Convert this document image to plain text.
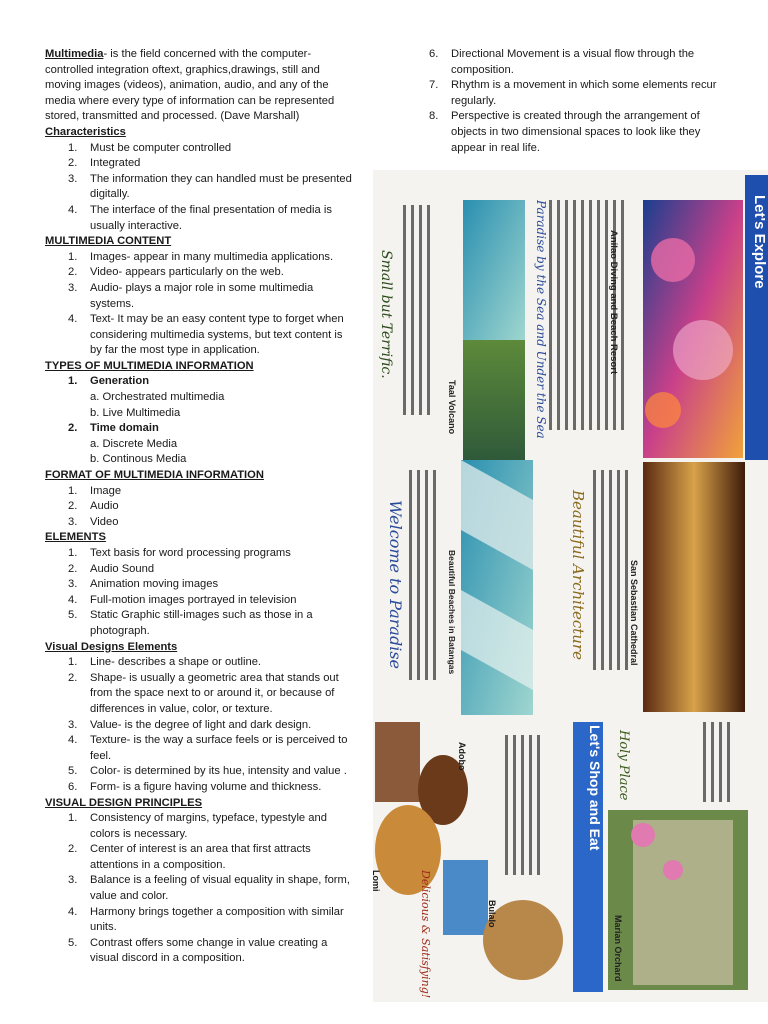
Multimedia- is the field concerned with the computer-controlled integration oftext, graphics,drawings, still and moving images (videos), animation, audio, and any of the media where every type of information can be represented stored, transmitted and processed. (Dave Marshall)

Characteristics

1. Must be computer controlled
2. Integrated
3. The information they can handled must be presented digitally.
4. The interface of the final presentation of media is usually interactive.

MULTIMEDIA CONTENT

1. Images- appear in many multimedia applications.
2. Video- appears particularly on the web.
3. Audio- plays a major role in some multimedia systems.
4. Text- It may be an easy content type to forget when considering multimedia systems, but text content is by far the most type in application.

TYPES OF MULTIMEDIA INFORMATION

1. Generation
a. Orchestrated multimedia
b. Live Multimedia
2. Time domain
a. Discrete Media
b. Continous Media

FORMAT OF MULTIMEDIA INFORMATION

1. Image
2. Audio
3. Video

ELEMENTS

1. Text basis for word processing programs
2. Audio Sound
3. Animation moving images
4. Full-motion images portrayed in television
5. Static Graphic still-images such as those in a photograph.

Visual Designs Elements

1. Line- describes a shape or outline.
2. Shape- is usually a geometric area that stands out from the space next to or around it, or because of differences in value, color, or texture.
3. Value- is the degree of light and dark design.
4. Texture- is the way a surface feels or is perceived to feel.
5. Color- is determined by its hue, intensity and value .
6. Form- is a figure having volume and thickness.

VISUAL DESIGN PRINCIPLES

1. Consistency of margins, typeface, typestyle and colors is necessary.
2. Center of interest is an area that first attracts attentions in a composition.
3. Balance is a feeling of visual equality in shape, form, value and color.
4. Harmony brings together a composition with similar units.
5. Contrast offers some change in value creating a visual discord in a composition.
6. Directional Movement is a visual flow through the composition.
7. Rhythm is a movement in which some elements recur regularly.
8. Perspective is created through the arrangement of objects in two dimensional spaces to look like they appear in real life.
Let's Explore
Anilao Diving and Beach Resort
Paradise by the Sea and Under the Sea
Small but Terrific.
Taal Volcano
Beautiful Architecture	San Sebastian Cathedral
Welcome to Paradise	Beautiful Beaches in Batangas
Let's Shop and Eat Holy Place
Marian Orchard
Adobo
Lomi
Bulalo
Delicious & Satisfying!
